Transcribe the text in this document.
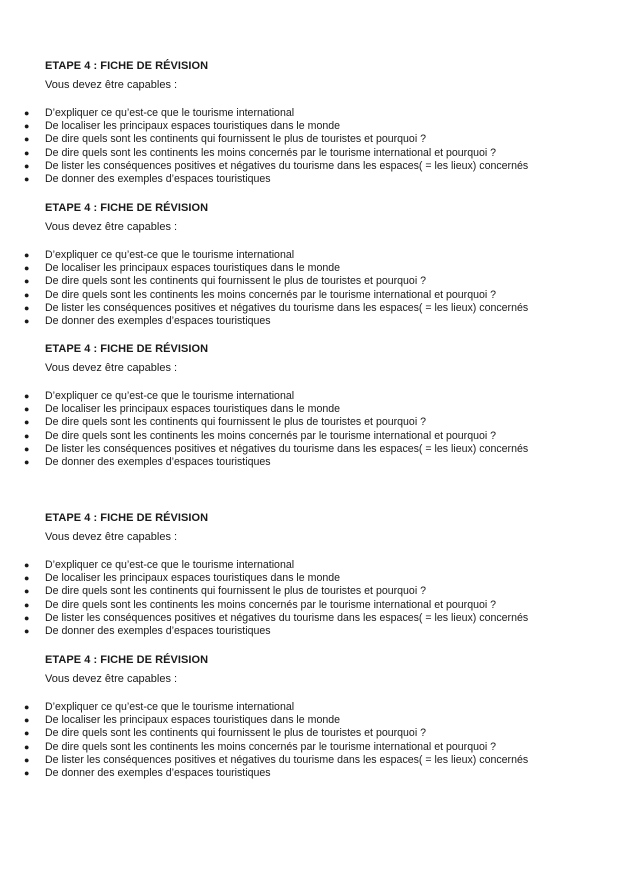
ETAPE 4 : FICHE DE RÉVISION
Vous devez être capables :
● D’expliquer ce qu’est-ce que le tourisme international
● De localiser les principaux espaces touristiques dans le monde
● De dire quels sont les continents qui fournissent le plus de touristes et pourquoi ?
● De dire quels sont les continents les moins concernés par le tourisme international et pourquoi ?
● De lister les conséquences positives et négatives du tourisme dans les espaces( = les lieux) concernés
● De donner des exemples d’espaces touristiques
ETAPE 4 : FICHE DE RÉVISION
Vous devez être capables :
● D’expliquer ce qu’est-ce que le tourisme international
● De localiser les principaux espaces touristiques dans le monde
● De dire quels sont les continents qui fournissent le plus de touristes et pourquoi ?
● De dire quels sont les continents les moins concernés par le tourisme international et pourquoi ?
● De lister les conséquences positives et négatives du tourisme dans les espaces( = les lieux) concernés
● De donner des exemples d’espaces touristiques
ETAPE 4 : FICHE DE RÉVISION
Vous devez être capables :
● D’expliquer ce qu’est-ce que le tourisme international
● De localiser les principaux espaces touristiques dans le monde
● De dire quels sont les continents qui fournissent le plus de touristes et pourquoi ?
● De dire quels sont les continents les moins concernés par le tourisme international et pourquoi ?
● De lister les conséquences positives et négatives du tourisme dans les espaces( = les lieux) concernés
● De donner des exemples d’espaces touristiques
ETAPE 4 : FICHE DE RÉVISION
Vous devez être capables :
● D’expliquer ce qu’est-ce que le tourisme international
● De localiser les principaux espaces touristiques dans le monde
● De dire quels sont les continents qui fournissent le plus de touristes et pourquoi ?
● De dire quels sont les continents les moins concernés par le tourisme international et pourquoi ?
● De lister les conséquences positives et négatives du tourisme dans les espaces( = les lieux) concernés
● De donner des exemples d’espaces touristiques
ETAPE 4 : FICHE DE RÉVISION
Vous devez être capables :
● D’expliquer ce qu’est-ce que le tourisme international
● De localiser les principaux espaces touristiques dans le monde
● De dire quels sont les continents qui fournissent le plus de touristes et pourquoi ?
● De dire quels sont les continents les moins concernés par le tourisme international et pourquoi ?
● De lister les conséquences positives et négatives du tourisme dans les espaces( = les lieux) concernés
● De donner des exemples d’espaces touristiques
